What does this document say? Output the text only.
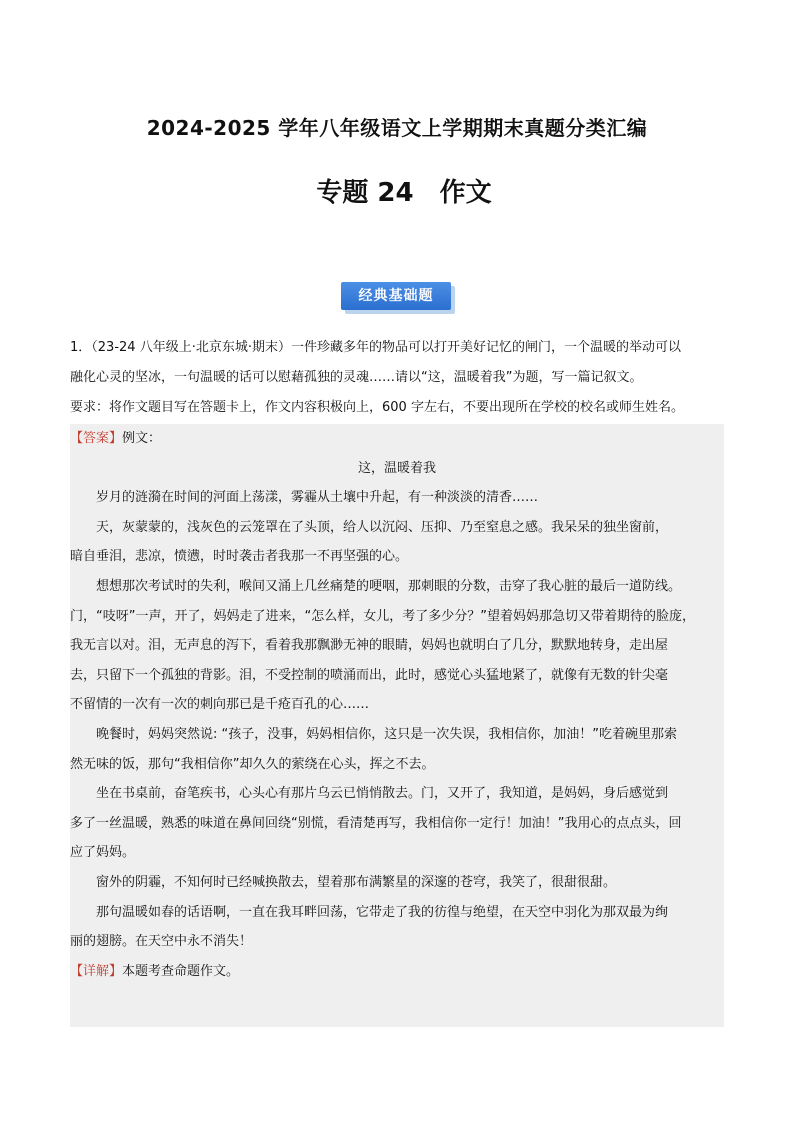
2024-2025 学年八年级语文上学期期末真题分类汇编
专题 24　作文
经典基础题

1．（23-24 八年级上·北京东城·期末）一件珍藏多年的物品可以打开美好记忆的闸门，一个温暖的举动可以

融化心灵的坚冰，一句温暖的话可以慰藉孤独的灵魂……请以“这，温暖着我”为题，写一篇记叙文。

要求：将作文题目写在答题卡上，作文内容积极向上，600 字左右，不要出现所在学校的校名或师生姓名。

【答案】例文：

这，温暖着我

岁月的涟漪在时间的河面上荡漾，雾霾从土壤中升起，有一种淡淡的清香……

天，灰蒙蒙的，浅灰色的云笼罩在了头顶，给人以沉闷、压抑、乃至窒息之感。我呆呆的独坐窗前，

暗自垂泪，悲凉，愤懑，时时袭击者我那一不再坚强的心。

想想那次考试时的失利，喉间又涌上几丝痛楚的哽咽，那刺眼的分数，击穿了我心脏的最后一道防线。

门，“吱呀”一声，开了，妈妈走了进来，“怎么样，女儿，考了多少分？”望着妈妈那急切又带着期待的脸庞，

我无言以对。泪，无声息的泻下，看着我那飘渺无神的眼睛，妈妈也就明白了几分，默默地转身，走出屋

去，只留下一个孤独的背影。泪，不受控制的喷涌而出，此时，感觉心头猛地紧了，就像有无数的针尖毫

不留情的一次有一次的刺向那已是千疮百孔的心……

晚餐时，妈妈突然说: “孩子，没事，妈妈相信你，这只是一次失误，我相信你，加油！”吃着碗里那索

然无味的饭，那句“我相信你”却久久的萦绕在心头，挥之不去。

坐在书桌前，奋笔疾书，心头心有那片乌云已悄悄散去。门，又开了，我知道，是妈妈，身后感觉到

多了一丝温暖，熟悉的味道在鼻间回绕“别慌，看清楚再写，我相信你一定行！加油！”我用心的点点头，回

应了妈妈。

窗外的阴霾，不知何时已经喊换散去，望着那布满繁星的深邃的苍穹，我笑了，很甜很甜。

那句温暖如春的话语啊，一直在我耳畔回荡，它带走了我的彷徨与绝望，在天空中羽化为那双最为绚

丽的翅膀。在天空中永不消失！

【详解】本题考查命题作文。
